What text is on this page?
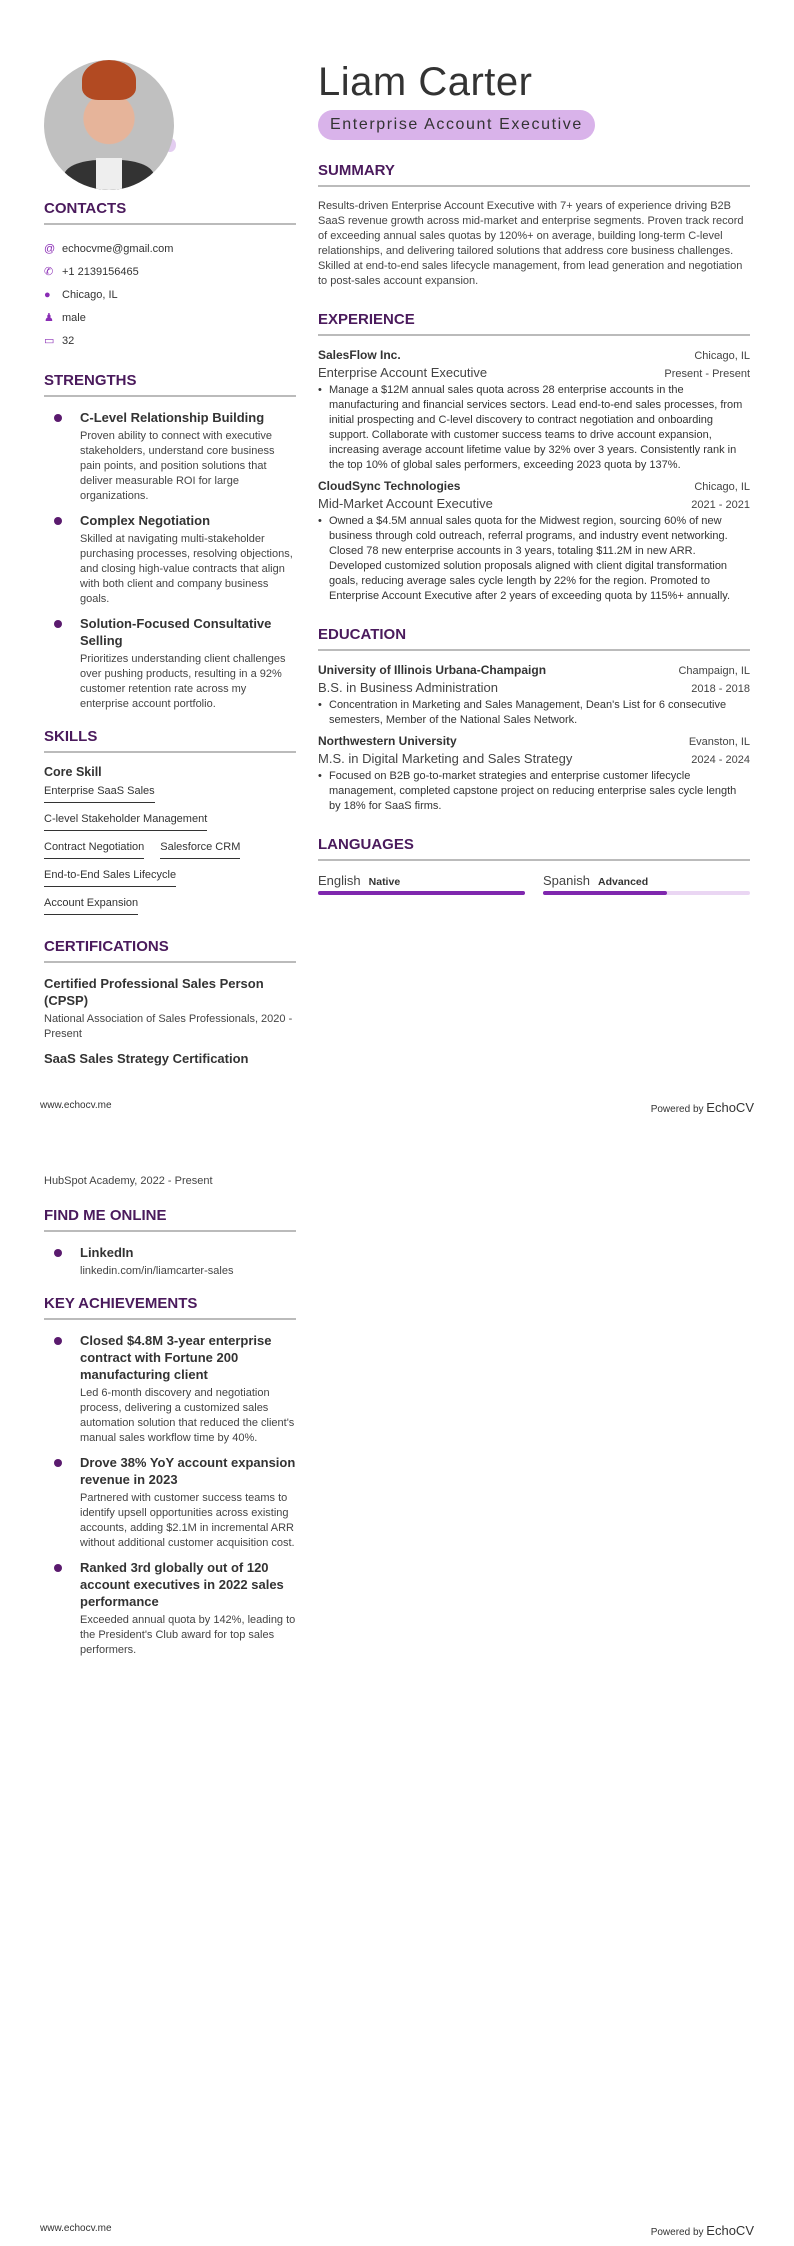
Liam Carter
Enterprise Account Executive
CONTACTS
@ echocvme@gmail.com
✆ +1 2139156465
●	Chicago, IL
♟ male
▭ 32
STRENGTHS
C-Level Relationship Building
Proven ability to connect with executive stakeholders, understand core business pain points, and position solutions that deliver measurable ROI for large organizations.
Complex Negotiation
Skilled at navigating multi-stakeholder purchasing processes, resolving objections, and closing high-value contracts that align with both client and company business goals.
Solution-Focused Consultative Selling
Prioritizes understanding client challenges over pushing products, resulting in a 92% customer retention rate across my enterprise account portfolio.
SKILLS
Core Skill
Enterprise SaaS Sales
C-level Stakeholder Management
Contract Negotiation Salesforce CRM
End-to-End Sales Lifecycle
Account Expansion
CERTIFICATIONS
Certified Professional Sales Person (CPSP)
National Association of Sales Professionals, 2020 - Present
SaaS Sales Strategy Certification
SUMMARY
Results-driven Enterprise Account Executive with 7+ years of experience driving B2B SaaS revenue growth across mid-market and enterprise segments. Proven track record of exceeding annual sales quotas by 120%+ on average, building long-term C-level relationships, and delivering tailored solutions that address core business challenges. Skilled at end-to-end sales lifecycle management, from lead generation and negotiation to post-sales account expansion.
EXPERIENCE
SalesFlow Inc.	Chicago, IL
Enterprise Account Executive	Present - Present
• Manage a $12M annual sales quota across 28 enterprise accounts in the manufacturing and financial services sectors. Lead end-to-end sales processes, from initial prospecting and C-level discovery to contract negotiation and onboarding support. Collaborate with customer success teams to drive account expansion, increasing average account lifetime value by 32% over 3 years. Consistently rank in the top 10% of global sales performers, exceeding 2023 quota by 137%.
CloudSync Technologies	Chicago, IL
Mid-Market Account Executive	2021 - 2021
• Owned a $4.5M annual sales quota for the Midwest region, sourcing 60% of new business through cold outreach, referral programs, and industry event networking. Closed 78 new enterprise accounts in 3 years, totaling $11.2M in new ARR. Developed customized solution proposals aligned with client digital transformation goals, reducing average sales cycle length by 22% for the region. Promoted to Enterprise Account Executive after 2 years of exceeding quota by 115%+ annually.
EDUCATION
University of Illinois Urbana-Champaign	Champaign, IL
B.S. in Business Administration	2018 - 2018
• Concentration in Marketing and Sales Management, Dean's List for 6 consecutive semesters, Member of the National Sales Network.
Northwestern University	Evanston, IL
M.S. in Digital Marketing and Sales Strategy	2024 - 2024
• Focused on B2B go-to-market strategies and enterprise customer lifecycle management, completed capstone project on reducing enterprise sales cycle length by 18% for SaaS firms.
LANGUAGES
English Native	Spanish Advanced
www.echocv.me	Powered by EchoCV
HubSpot Academy, 2022 - Present
FIND ME ONLINE
LinkedIn
linkedin.com/in/liamcarter-sales
KEY ACHIEVEMENTS
Closed $4.8M 3-year enterprise contract with Fortune 200 manufacturing client
Led 6-month discovery and negotiation process, delivering a customized sales automation solution that reduced the client's manual sales workflow time by 40%.
Drove 38% YoY account expansion revenue in 2023
Partnered with customer success teams to identify upsell opportunities across existing accounts, adding $2.1M in incremental ARR without additional customer acquisition cost.
Ranked 3rd globally out of 120 account executives in 2022 sales performance
Exceeded annual quota by 142%, leading to the President's Club award for top sales performers.
www.echocv.me	Powered by EchoCV
